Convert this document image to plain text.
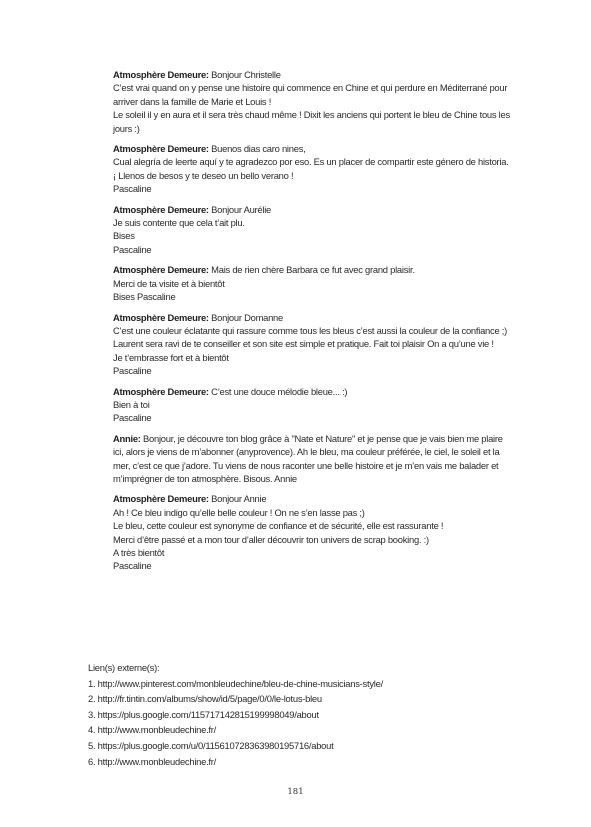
Atmosphère Demeure: Bonjour Christelle

C’est vrai quand on y pense une histoire qui commence en Chine et qui perdure en Méditerrané pour arriver dans la famille de Marie et Louis !

Le soleil il y en aura et il sera très chaud même ! Dixit les anciens qui portent le bleu de Chine tous les jours :)

Atmosphère Demeure: Buenos dias caro nines,

Cual alegría de leerte aquí y te agradezco por eso. Es un placer de compartir este género de historia.

¡ Llenos de besos y te deseo un bello verano !

Pascaline

Atmosphère Demeure: Bonjour Aurélie

Je suis contente que cela t’ait plu.

Bises

Pascaline

Atmosphère Demeure: Mais de rien chère Barbara ce fut avec grand plaisir.

Merci de ta visite et à bientôt

Bises Pascaline

Atmosphère Demeure: Bonjour Domanne

C’est une couleur éclatante qui rassure comme tous les bleus c’est aussi la couleur de la confiance ;)

Laurent sera ravi de te conseiller et son site est simple et pratique. Fait toi plaisir On a qu’une vie !

Je t’embrasse fort et à bientôt

Pascaline

Atmosphère Demeure: C’est une douce mélodie bleue... :)

Bien à toi

Pascaline

Annie: Bonjour, je découvre ton blog grâce à "Nate et Nature" et je pense que je vais bien me plaire ici, alors je viens de m’abonner (anyprovence). Ah le bleu, ma couleur préférée, le ciel, le soleil et la mer, c’est ce que j’adore. Tu viens de nous raconter une belle histoire et je m’en vais me balader et m’imprégner de ton atmosphère. Bisous. Annie

Atmosphère Demeure: Bonjour Annie

Ah ! Ce bleu indigo qu’elle belle couleur ! On ne s’en lasse pas ;)

Le bleu, cette couleur est synonyme de confiance et de sécurité, elle est rassurante !

Merci d’être passé et a mon tour d’aller découvrir ton univers de scrap booking. :)

A très bientôt

Pascaline

Lien(s) externe(s):

1. http://www.pinterest.com/monbleudechine/bleu-de-chine-musicians-style/

2. http://fr.tintin.com/albums/show/id/5/page/0/0/le-lotus-bleu

3. https://plus.google.com/115717142815199998049/about

4. http://www.monbleudechine.fr/

5. https://plus.google.com/u/0/115610728363980195716/about

6. http://www.monbleudechine.fr/

181
